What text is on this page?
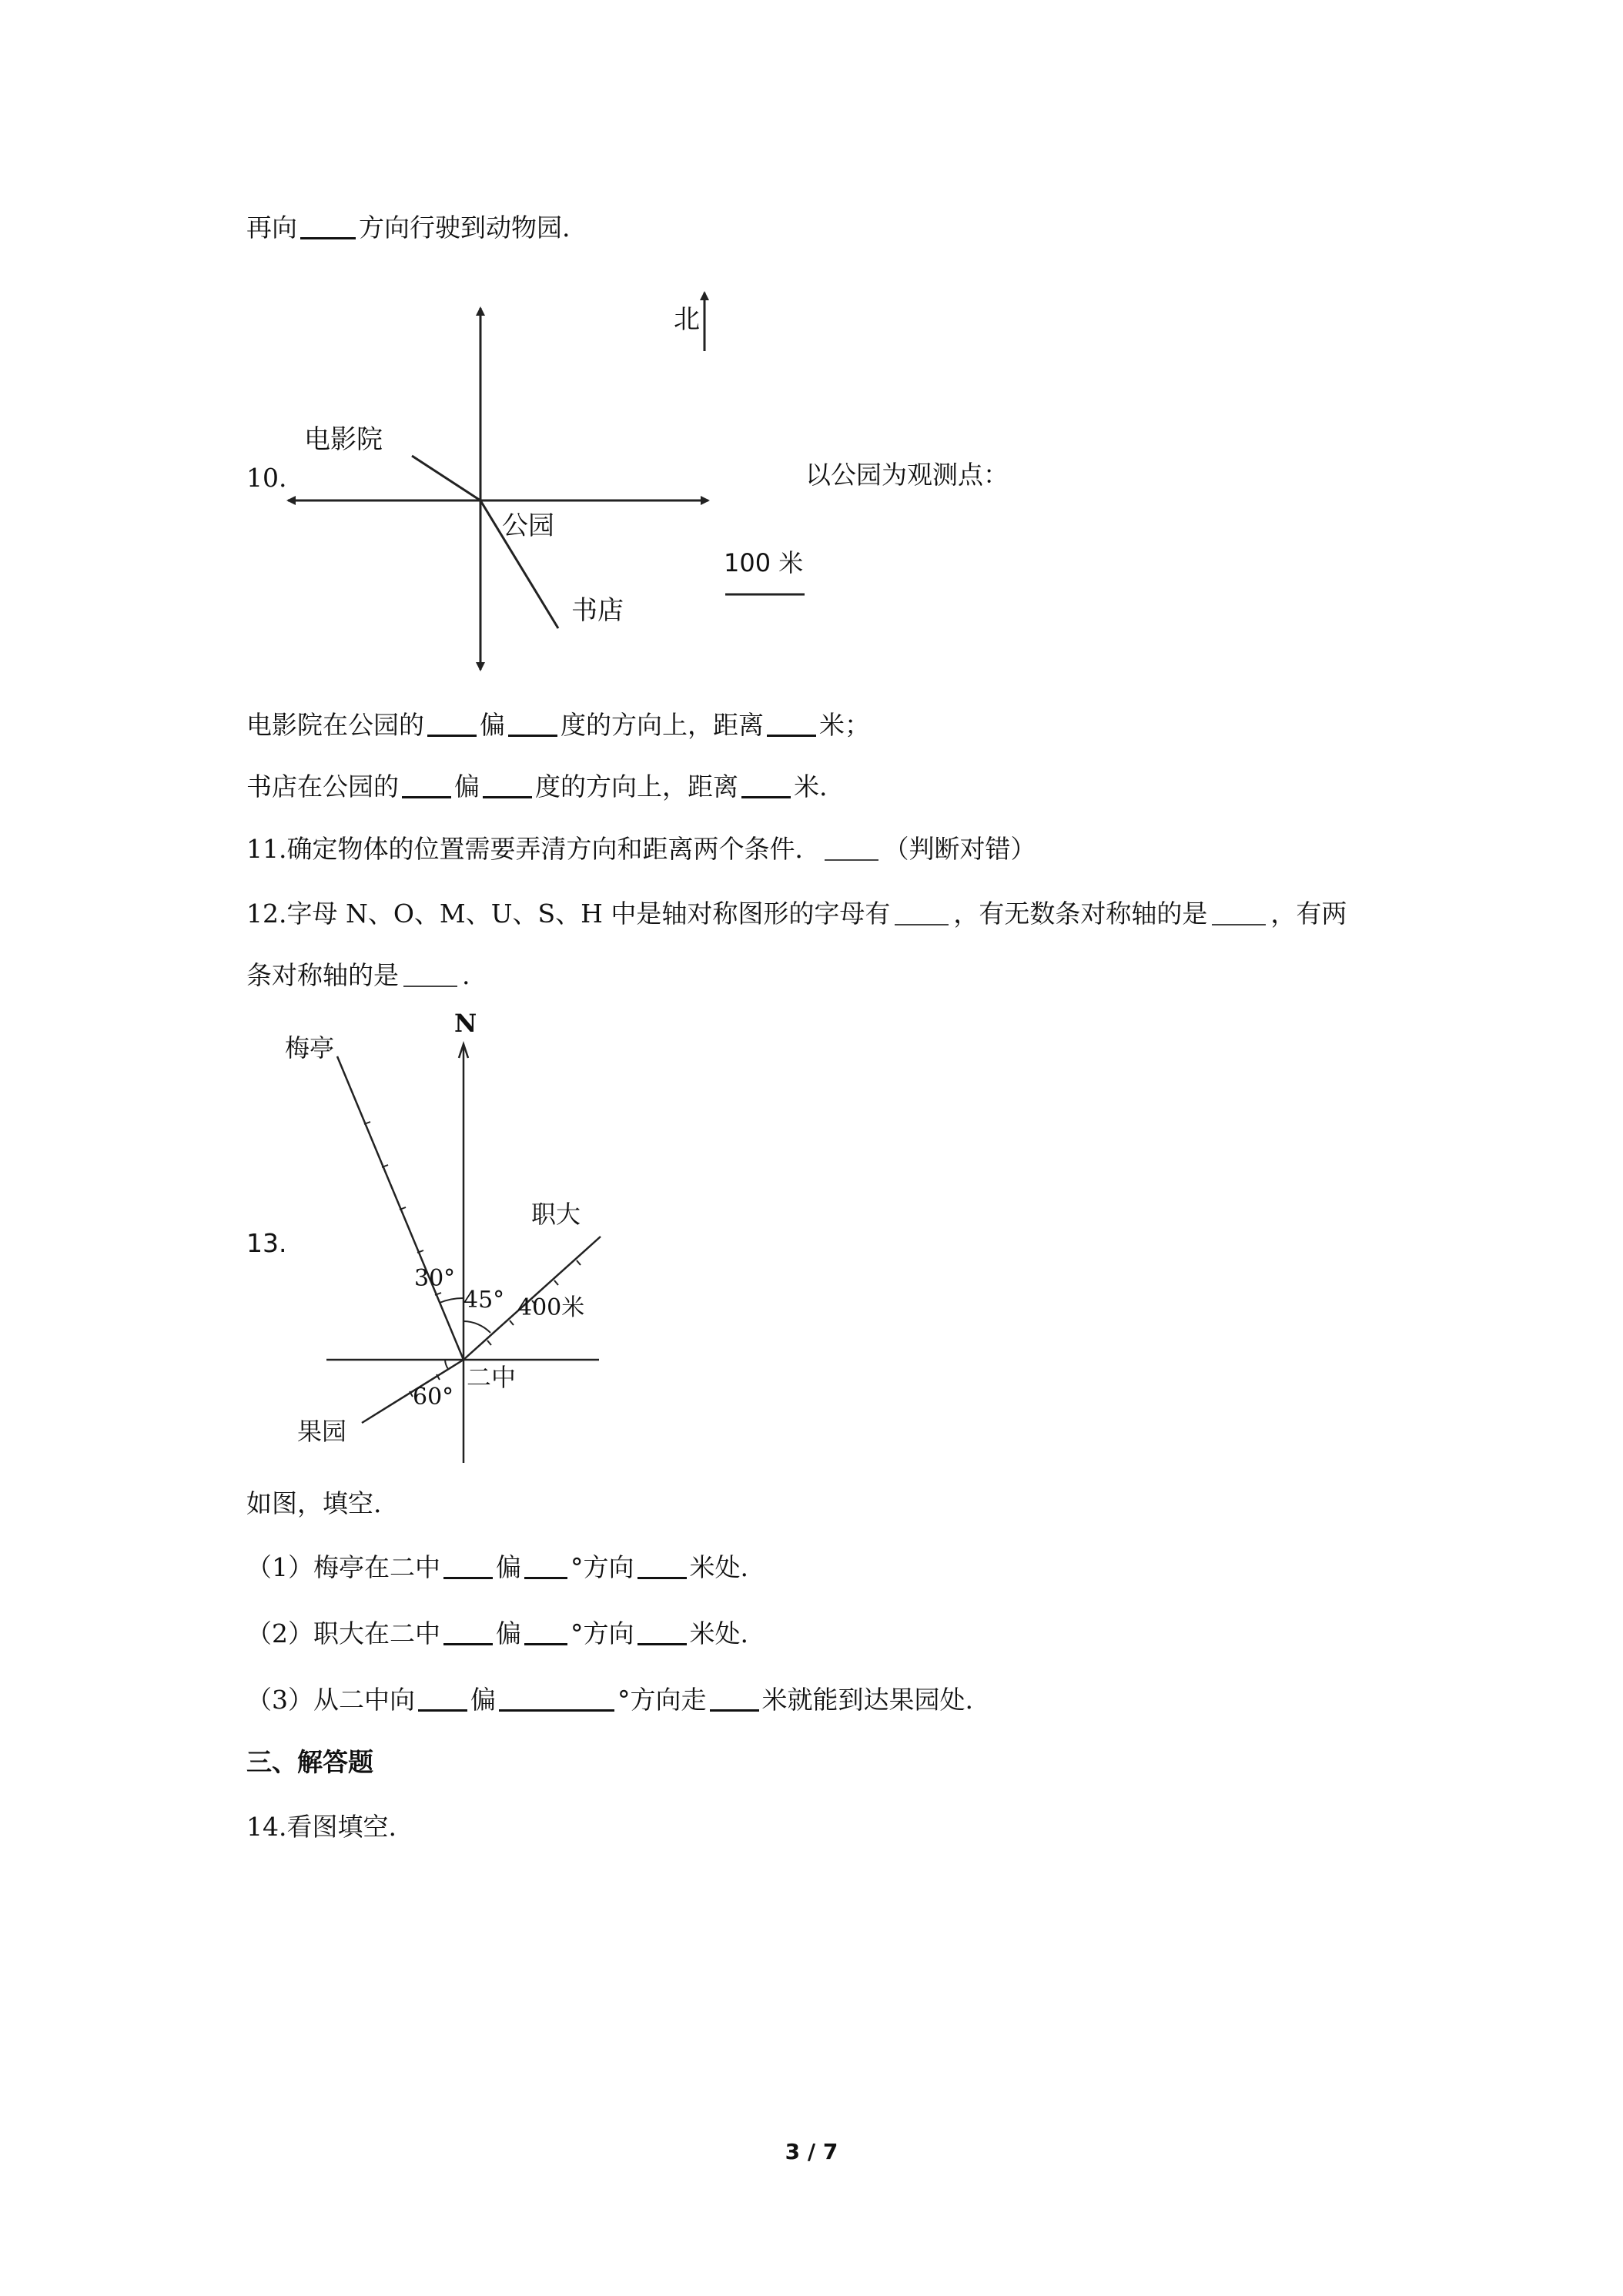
再向 方向行驶到动物园.
10.	以公园为观测点：
北
电影院
公园
书店
100 米
电影院在公园的 偏 度的方向上，距离 米；
书店在公园的 偏 度的方向上，距离 米.
11.确定物体的位置需要弄清方向和距离两个条件． （判断对错）
12.字母 N、O、M、U、S、H 中是轴对称图形的字母有 ，有无数条对称轴的是 ，有两
条对称轴的是 .
13.
N
梅亭
职大
二中
果园
30°
45°
60°
400米
如图，填空.
（1）梅亭在二中 偏 °方向 米处.
（2）职大在二中 偏 °方向 米处.
（3）从二中向 偏	°方向走 米就能到达果园处.
三、解答题
14.看图填空.
3 / 7
